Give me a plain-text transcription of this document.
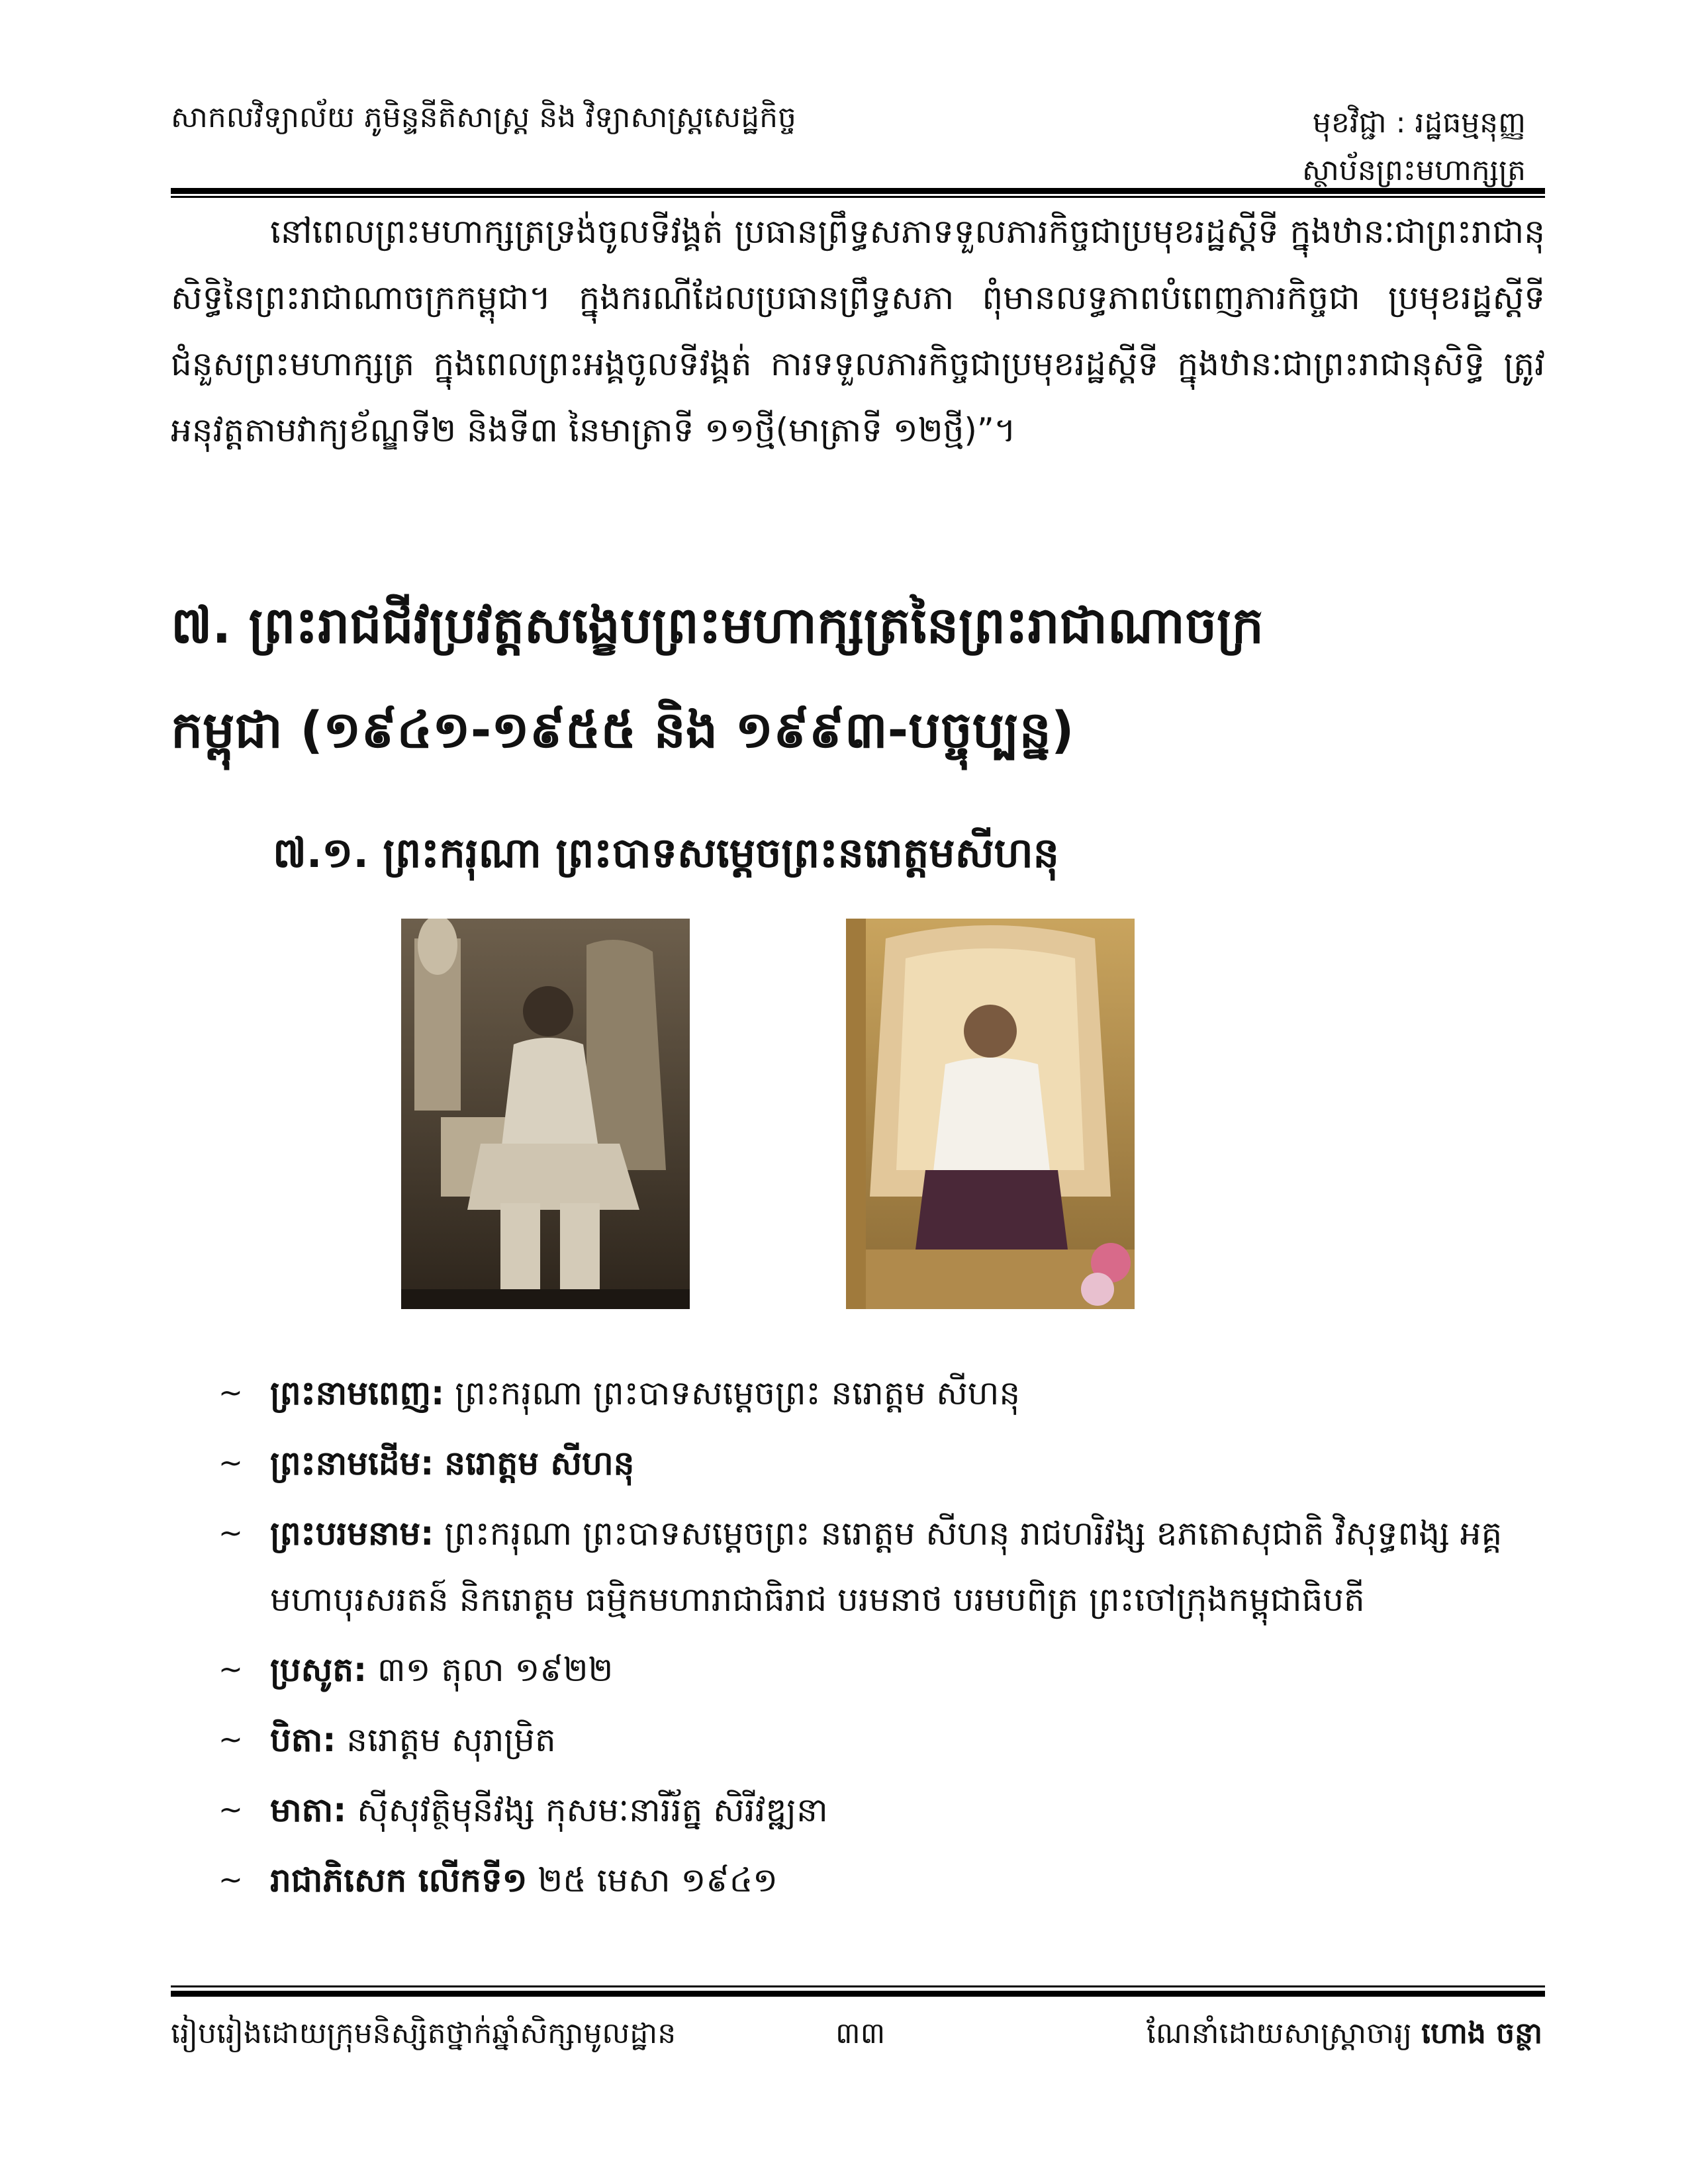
សាកលវិទ្យាល័យ ភូមិន្ទនីតិសាស្ត្រ និង វិទ្យាសាស្ត្រសេដ្ឋកិច្ច	មុខវិជ្ជា : រដ្ឋធម្មនុញ្ញ
ស្ថាប័នព្រះមហាក្សត្រ
នៅពេលព្រះមហាក្សត្រទ្រង់ចូលទីវង្គត់ ប្រធានព្រឹទ្ធសភាទទួលភារកិច្ចជាប្រមុខរដ្ឋស្ដីទី ក្នុងឋានៈជាព្រះរាជានុសិទ្ធិនៃព្រះរាជាណាចក្រកម្ពុជា។ ក្នុងករណីដែលប្រធានព្រឹទ្ធសភា ពុំមានលទ្ធភាពបំពេញភារកិច្ចជា ប្រមុខរដ្ឋស្ដីទីជំនួសព្រះមហាក្សត្រ ក្នុងពេលព្រះអង្គចូលទីវង្គត់ ការទទួលភារកិច្ចជាប្រមុខរដ្ឋស្ដីទី ក្នុងឋានៈជាព្រះរាជានុសិទ្ធិ ត្រូវអនុវត្តតាមវាក្យខ័ណ្ឌទី២ និងទី៣ នៃមាត្រាទី ១១ថ្មី(មាត្រាទី ១២ថ្មី)”។
៧. ព្រះរាជជីវប្រវត្តសង្ខេបព្រះមហាក្សត្រនៃព្រះរាជាណាចក្រ
កម្ពុជា (១៩៤១-១៩៥៥ និង ១៩៩៣-បច្ចុប្បន្ន)
៧.១. ព្រះករុណា ព្រះបាទសម្ដេចព្រះនរោត្តមសីហនុ
~ ព្រះនាមពេញ: ព្រះករុណា ព្រះបាទសម្ដេចព្រះ នរោត្តម សីហនុ
~ ព្រះនាមដើម: នរោត្តម សីហនុ
~ ព្រះបរមនាម: ព្រះករុណា ព្រះបាទសម្ដេចព្រះ នរោត្តម សីហនុ រាជហរិវង្ស ឧភតោសុជាតិ វិសុទ្ធពង្ស អគ្គមហាបុរសរតន៍ និករោត្តម ធម្មិកមហារាជាធិរាជ បរមនាថ បរមបពិត្រ ព្រះចៅក្រុងកម្ពុជាធិបតី
~ ប្រសូត: ៣១ តុលា ១៩២២
~ បិតា: នរោត្តម សុរាម្រិត
~ មាតា: ស៊ីសុវត្ថិមុនីវង្ស កុសមៈនារីរ័ត្ន សិរីវឌ្ឍនា
~ រាជាភិសេក លើកទី១ ២៥ មេសា ១៩៤១
រៀបរៀងដោយក្រុមនិស្សិតថ្នាក់ឆ្នាំសិក្សាមូលដ្ឋាន	៣៣	ណែនាំដោយសាស្ត្រាចារ្យ ហោង ចន្ថា
